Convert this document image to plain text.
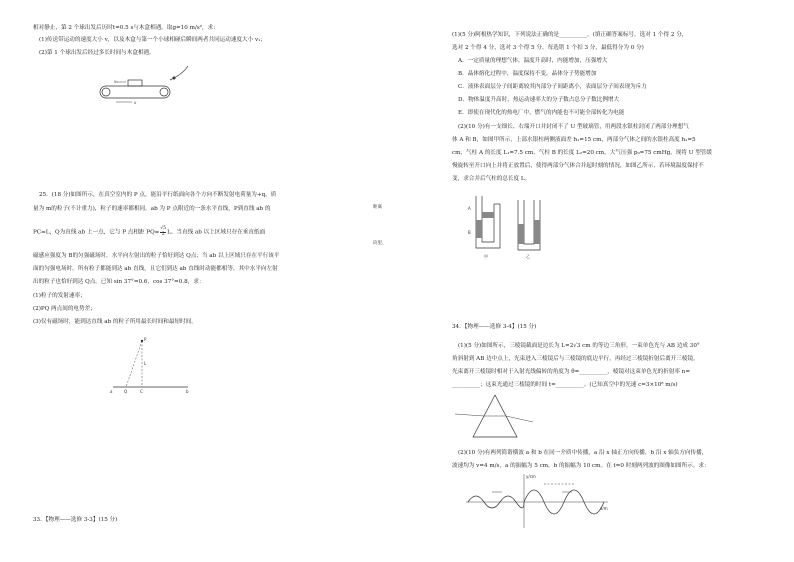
相对静止，第 2 个球出发后历时t=0.5 s与木盒相遇。取g=10 m/s²，求：
(1)传送带运动的速度大小 v，以及木盒与第一个小球相碰后瞬间两者共同运动速度大小 v₁；
(2)第 1 个球出发后经过多长时间与木盒相遇。
v₀
v
25．(18 分)如图所示，在真空室内的 P 点，能沿平行纸面向各个方向不断发射电荷量为+q、质
量为 m的粒子(不计重力)，粒子的速率都相同。ab 为 P 点附近的一条水平直线，P到直线 ab 的	距离
PC=L，Q为直线 ab 上一点，它与 P 点相距 $PQ= \frac{√5}{2}$ L。当直线 ab 以上区域只存在垂直纸面
向里、
磁感应强度为 B的匀强磁场时，水平向左射出的粒子恰好到达 Q点；当 ab 以上区域只存在平行该平
面的匀强电场时，所有粒子都能到达 ab 直线，且它们到达 ab 直线时动能都相等，其中水平向左射
出的粒子也恰好到达 Q点。已知 sin 37°=0.6，cos 37°=0.8，求：
(1)粒子的发射速率；
(2)PQ 两点间的电势差；
(3)仅有磁场时，能到达直线 ab 的粒子所用最长时间和最短时间。
P
L
a	Q	C	b
33．【物理——选修 3-3】(15 分)
(1)(5 分)阿根热学知识，下列说法正确的是__________。(填正确答案标号。选对 1 个得 2 分，
选对 2 个得 4 分，选对 3 个得 5 分。每选错 1 个扣 3 分，最低得分为 0 分)
A．一定质量的理想气体，温度升高时，内能增加，压强增大
B．晶体熔化过程中，温度保持不变，晶体分子势能增加
C．液体表面层分子间距离较其内部分子间距离小，表面层分子间表现为斥力
D．物体温度升高时，热运动速率大的分子数占总分子数比例增大
E．即使在现代化的热电厂中，燃气的内能也不可能全部转化为电能
(2)(10 分)有一支细长、右端开口并封闭不了 U 型玻璃管，用两段水银柱封闭了两部分理想气
体 A 和 B，如图甲所示，上部水银柱两侧液面差 h₁=15 cm，两部分气体之间的水银柱高度 h₂=5
cm，气柱 A 的长度 L₁=7.5 cm，气柱 B 的长度 L₂=20 cm，大气压强 p₀=75 cmHg。现将 U 型管缓
慢旋转至开口向上并将正放置后，使得两部分气体合并起时刻的情况，如图乙所示，若环境温度保持不
变，求合并后气柱的总长度 L。
A
B
甲	乙
34．【物理——选修 3-4】(15 分)
(1)(5 分)如图所示，三棱镜截面是边长为 L=2√3 cm 的等边三角形，一束单色光与 AB 边成 30°
角斜射到 AB 边中点上，光束进入三棱镜后与三棱镜的底边平行，再经过三棱镜折射后离开三棱镜。
光束离开三棱镜时相对于入射光线偏转的角度为 θ=__________，棱镜对这束单色光的折射率 n=
__________；这束光通过三棱镜的时间 t=__________。(已知真空中的光速 c=3×10⁸ m/s)
(2)(10 分)有两列简谐横波 a 和 b 在同一介质中传播，a 沿 x 轴正方向传播，b 沿 x 轴负方向传播，
波速均为 v=4 m/s，a 的振幅为 5 cm，b 的振幅为 10 cm。在 t=0 时刻两列波的图像如图所示。求：
x/m
y/cm
